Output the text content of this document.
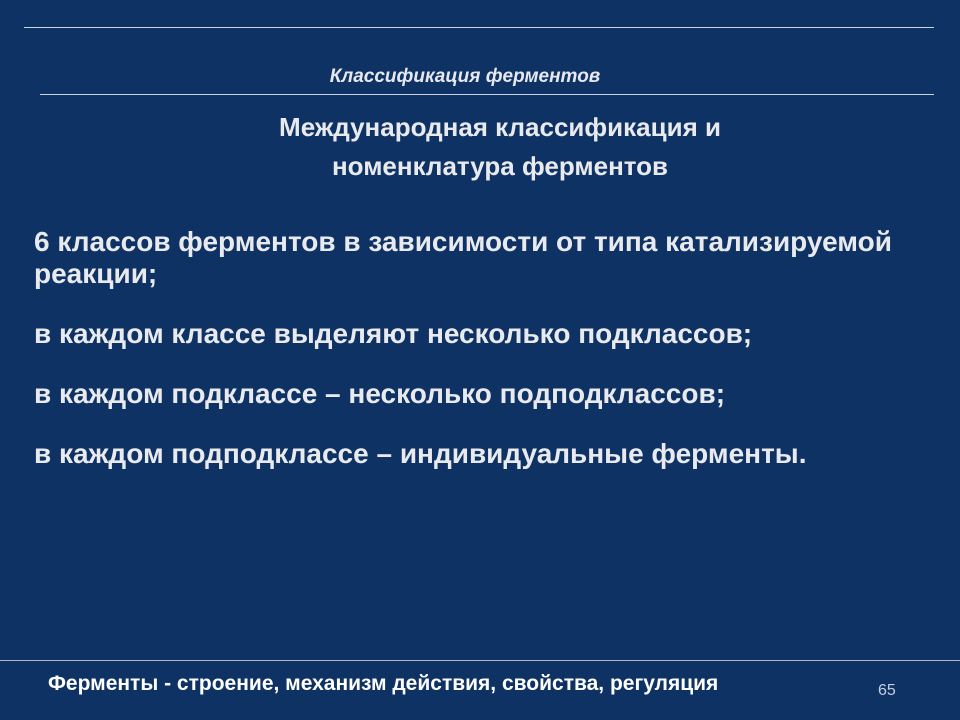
Классификация ферментов
Международная классификация и
номенклатура ферментов
6 классов ферментов в зависимости от типа катализируемой реакции;
в каждом классе выделяют несколько подклассов;
в каждом подклассе – несколько подподклассов;
в каждом подподклассе – индивидуальные ферменты.
Ферменты - строение, механизм действия, свойства, регуляция	65
